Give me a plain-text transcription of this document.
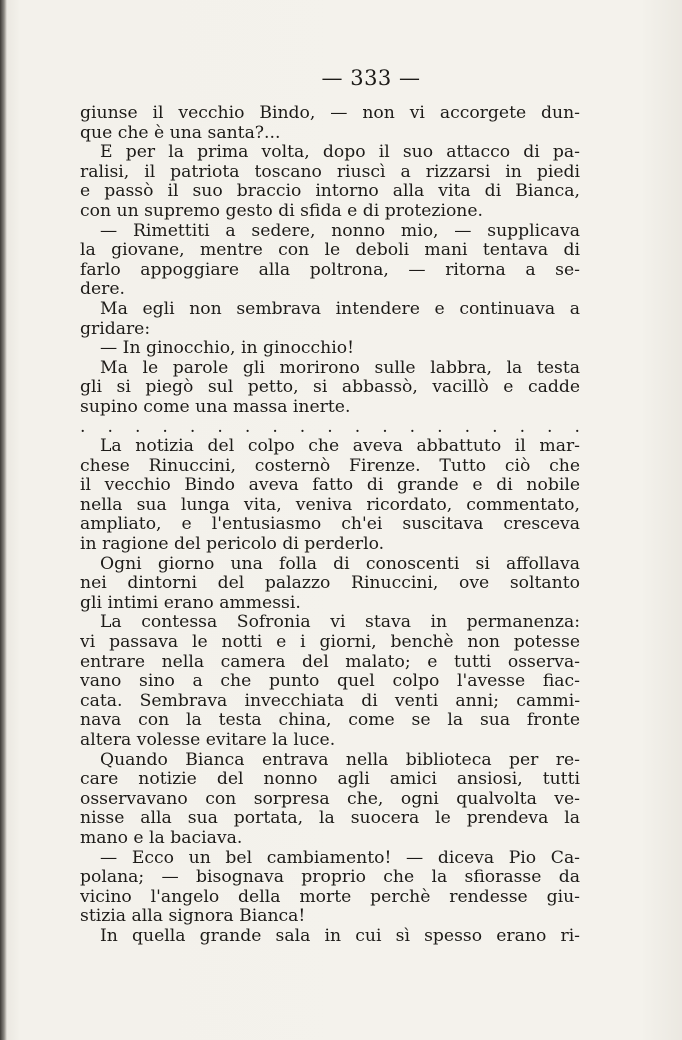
— 333 —
giunse il vecchio Bindo, — non vi accorgete dun-
que che è una santa?...
E per la prima volta, dopo il suo attacco di pa-
ralisi, il patriota toscano riuscì a rizzarsi in piedi
e passò il suo braccio intorno alla vita di Bianca,
con un supremo gesto di sfida e di protezione.
— Rimettiti a sedere, nonno mio, — supplicava
la giovane, mentre con le deboli mani tentava di
farlo appoggiare alla poltrona, — ritorna a se-
dere.
Ma egli non sembrava intendere e continuava a
gridare:
— In ginocchio, in ginocchio!
Ma le parole gli morirono sulle labbra, la testa
gli si piegò sul petto, si abbassò, vacillò e cadde
supino come una massa inerte.
. . . . . . . . . . . . . . . . . . .
La notizia del colpo che aveva abbattuto il mar-
chese Rinuccini, costernò Firenze. Tutto ciò che
il vecchio Bindo aveva fatto di grande e di nobile
nella sua lunga vita, veniva ricordato, commentato,
ampliato, e l'entusiasmo ch'ei suscitava cresceva
in ragione del pericolo di perderlo.
Ogni giorno una folla di conoscenti si affollava
nei dintorni del palazzo Rinuccini, ove soltanto
gli intimi erano ammessi.
La contessa Sofronia vi stava in permanenza:
vi passava le notti e i giorni, benchè non potesse
entrare nella camera del malato; e tutti osserva-
vano sino a che punto quel colpo l'avesse fiac-
cata. Sembrava invecchiata di venti anni; cammi-
nava con la testa china, come se la sua fronte
altera volesse evitare la luce.
Quando Bianca entrava nella biblioteca per re-
care notizie del nonno agli amici ansiosi, tutti
osservavano con sorpresa che, ogni qualvolta ve-
nisse alla sua portata, la suocera le prendeva la
mano e la baciava.
— Ecco un bel cambiamento! — diceva Pio Ca-
polana; — bisognava proprio che la sfiorasse da
vicino l'angelo della morte perchè rendesse giu-
stizia alla signora Bianca!
In quella grande sala in cui sì spesso erano ri-
